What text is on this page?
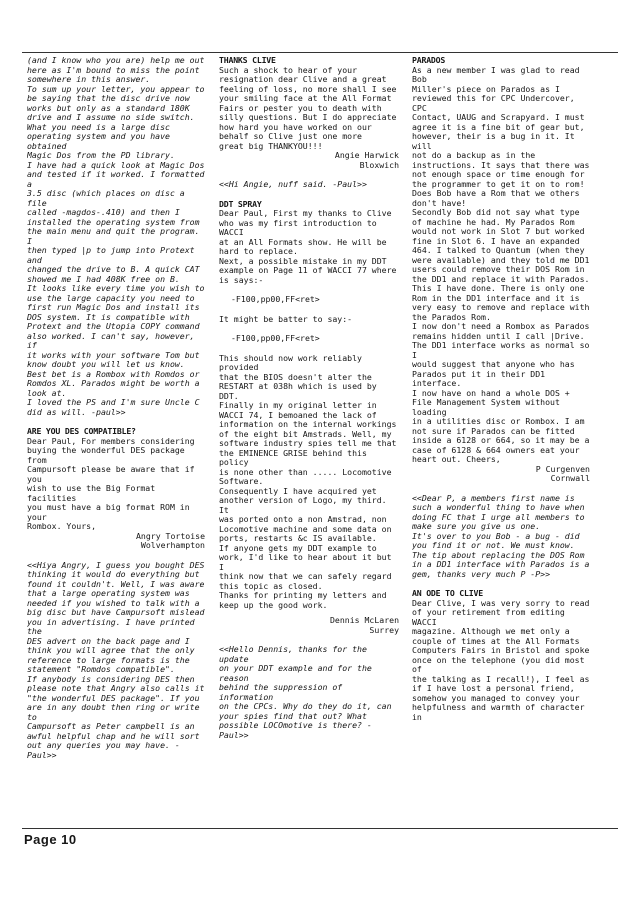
(and I know who you are) help me out
here as I'm bound to miss the point
somewhere in this answer.
To sum up your letter, you appear to
be saying that the disc drive now
works but only as a standard 180K
drive and I assume no side switch.
What you need is a large disc
operating system and you have obtained
Magic Dos from the PD library.
I have had a quick look at Magic Dos
and tested if it worked. I formatted a
3.5 disc (which places on disc a file
called -magdos-.410) and then I
installed the operating system from
the main menu and quit the program. I
then typed |p to jump into Protext and
changed the drive to B. A quick CAT
showed me I had 408K free on B.
It looks like every time you wish to
use the large capacity you need to
first run Magic Dos and install its
DOS system. It is compatible with
Protext and the Utopia COPY command
also worked. I can't say, however, if
it works with your software Tom but
know doubt you will let us know.
Best bet is a Rombox with Romdos or
Romdos XL. Parados might be worth a
look at.
I loved the PS and I'm sure Uncle C
did as will. -paul>>
ARE YOU DES COMPATIBLE?
Dear Paul, For members considering
buying the wonderful DES package from
Campursoft please be aware that if you
wish to use the Big Format facilities
you must have a big format ROM in your
Rombox. Yours,
Angry Tortoise
Wolverhampton
<<Hiya Angry, I guess you bought DES
thinking it would do everything but
found it couldn't. Well, I was aware
that a large operating system was
needed if you wished to talk with a
big disc but have Campursoft mislead
you in advertising. I have printed the
DES advert on the back page and I
think you will agree that the only
reference to large formats is the
statement "Romdos compatible".
If anybody is considering DES then
please note that Angry also calls it
"the wonderful DES package". If you
are in any doubt then ring or write to
Campursoft as Peter campbell is an
awful helpful chap and he will sort
out any queries you may have. -Paul>>
THANKS CLIVE
Such a shock to hear of your
resignation dear Clive and a great
feeling of loss, no more shall I see
your smiling face at the All Format
Fairs or pester you to death with
silly questions. But I do appreciate
how hard you have worked on our
behalf so Clive just one more
great big THANKYOU!!!
Angie Harwick
Bloxwich
<<Hi Angie, nuff said. -Paul>>
DDT SPRAY
Dear Paul, First my thanks to Clive
who was my first introduction to WACCI
at an All Formats show. He will be
hard to replace.
Next, a possible mistake in my DDT
example on Page 11 of WACCI 77 where
is says:-
-F100,pp00,FF<ret>
It might be batter to say:-
-F100,pp00,FF<ret>
This should now work reliably provided
that the BIOS doesn't alter the
RESTART at 038h which is used by DDT.
Finally in my original letter in
WACCI 74, I bemoaned the lack of
information on the internal workings
of the eight bit Amstrads. Well, my
software industry spies tell me that
the EMINENCE GRISE behind this policy
is none other than ..... Locomotive
Software.
Consequently I have acquired yet
another version of Logo, my third. It
was ported onto a non Amstrad, non
Locomotive machine and some data on
ports, restarts &c IS available.
If anyone gets my DDT example to
work, I'd like to hear about it but I
think now that we can safely regard
this topic as closed.
Thanks for printing my letters and
keep up the good work.
Dennis McLaren
Surrey
<<Hello Dennis, thanks for the update
on your DDT example and for the reason
behind the suppression of information
on the CPCs. Why do they do it, can
your spies find that out? What
possible LOCOmotive is there? -Paul>>
PARADOS
As a new member I was glad to read Bob
Miller's piece on Parados as I
reviewed this for CPC Undercover, CPC
Contact, UAUG and Scrapyard. I must
agree it is a fine bit of gear but,
however, their is a bug in it. It will
not do a backup as in the
instructions. It says that there was
not enough space or time enough for
the programmer to get it on to rom!
Does Bob have a Rom that we others
don't have!
Secondly Bob did not say what type
of machine he had. My Parados Rom
would not work in Slot 7 but worked
fine in Slot 6. I have an expanded
464. I talked to Quantum (when they
were available) and they told me DD1
users could remove their DOS Rom in
the DD1 and replace it with Parados.
This I have done. There is only one
Rom in the DD1 interface and it is
very easy to remove and replace with
the Parados Rom.
I now don't need a Rombox as Parados
remains hidden until I call |Drive.
The DD1 interface works as normal so I
would suggest that anyone who has
Parados put it in their DD1 interface.
I now have on hand a whole DOS +
File Management System without loading
in a utilities disc or Rombox. I am
not sure if Parados can be fitted
inside a 6128 or 664, so it may be a
case of 6128 & 664 owners eat your
heart out. Cheers,
P Curgenven
Cornwall
<<Dear P, a members first name is
such a wonderful thing to have when
doing FC that I urge all members to
make sure you give us one.
It's over to you Bob - a bug - did
you find it or not. We must know.
The tip about replacing the DOS Rom
in a DD1 interface with Parados is a
gem, thanks very much P -P>>
AN ODE TO CLIVE
Dear Clive, I was very sorry to read
of your retirement from editing WACCI
magazine. Although we met only a
couple of times at the All Formats
Computers Fairs in Bristol and spoke
once on the telephone (you did most of
the talking as I recall!), I feel as
if I have lost a personal friend,
somehow you managed to convey your
helpfulness and warmth of character in
Page 10
